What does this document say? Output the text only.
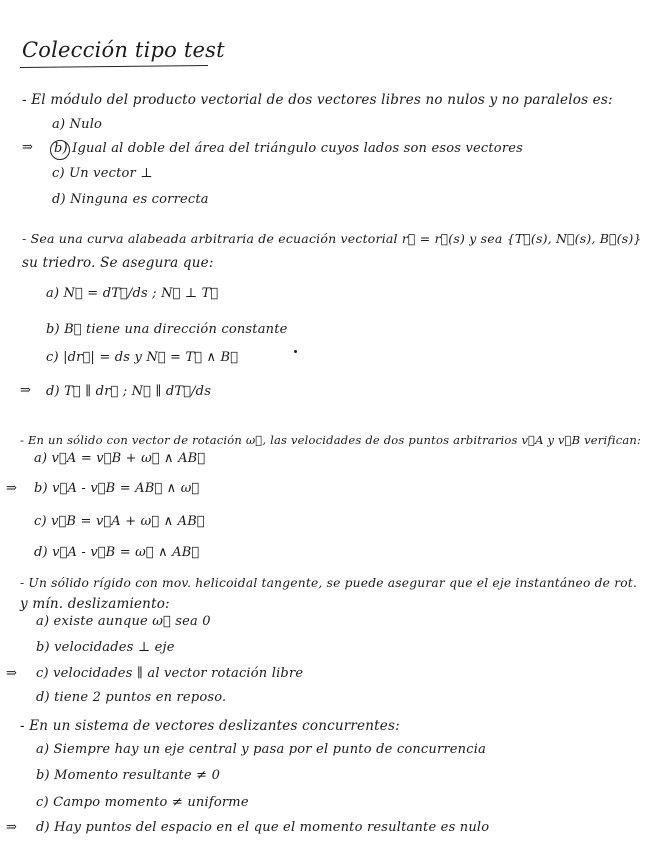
Colección tipo test
- El módulo del producto vectorial de dos vectores libres no nulos y no paralelos es:
a) Nulo
⇒ b) Igual al doble del área del triángulo cuyos lados son esos vectores
c) Un vector ⊥
d) Ninguna es correcta
- Sea una curva alabeada arbitraria de ecuación vectorial r⃗ = r⃗(s) y sea {T⃗(s), N⃗(s), B⃗(s)}
su triedro. Se asegura que:
a) N⃗ = dT⃗/ds ; N⃗ ⊥ T⃗
b) B⃗ tiene una dirección constante
c) |dr⃗| = ds y N⃗ = T⃗ ∧ B⃗
⇒ d) T⃗ ∥ dr⃗ ; N⃗ ∥ dT⃗/ds
- En un sólido con vector de rotación ω⃗, las velocidades de dos puntos arbitrarios v⃗A y v⃗B verifican:
a) v⃗A = v⃗B + ω⃗ ∧ AB⃗
⇒ b) v⃗A - v⃗B = AB⃗ ∧ ω⃗
c) v⃗B = v⃗A + ω⃗ ∧ AB⃗
d) v⃗A - v⃗B = ω⃗ ∧ AB⃗
- Un sólido rígido con mov. helicoidal tangente, se puede asegurar que el eje instantáneo de rot.
y mín. deslizamiento:
a) existe aunque ω⃗ sea 0
b) velocidades ⊥ eje
⇒ c) velocidades ∥ al vector rotación libre
d) tiene 2 puntos en reposo.
- En un sistema de vectores deslizantes concurrentes:
a) Siempre hay un eje central y pasa por el punto de concurrencia
b) Momento resultante ≠ 0
c) Campo momento ≠ uniforme
⇒ d) Hay puntos del espacio en el que el momento resultante es nulo
